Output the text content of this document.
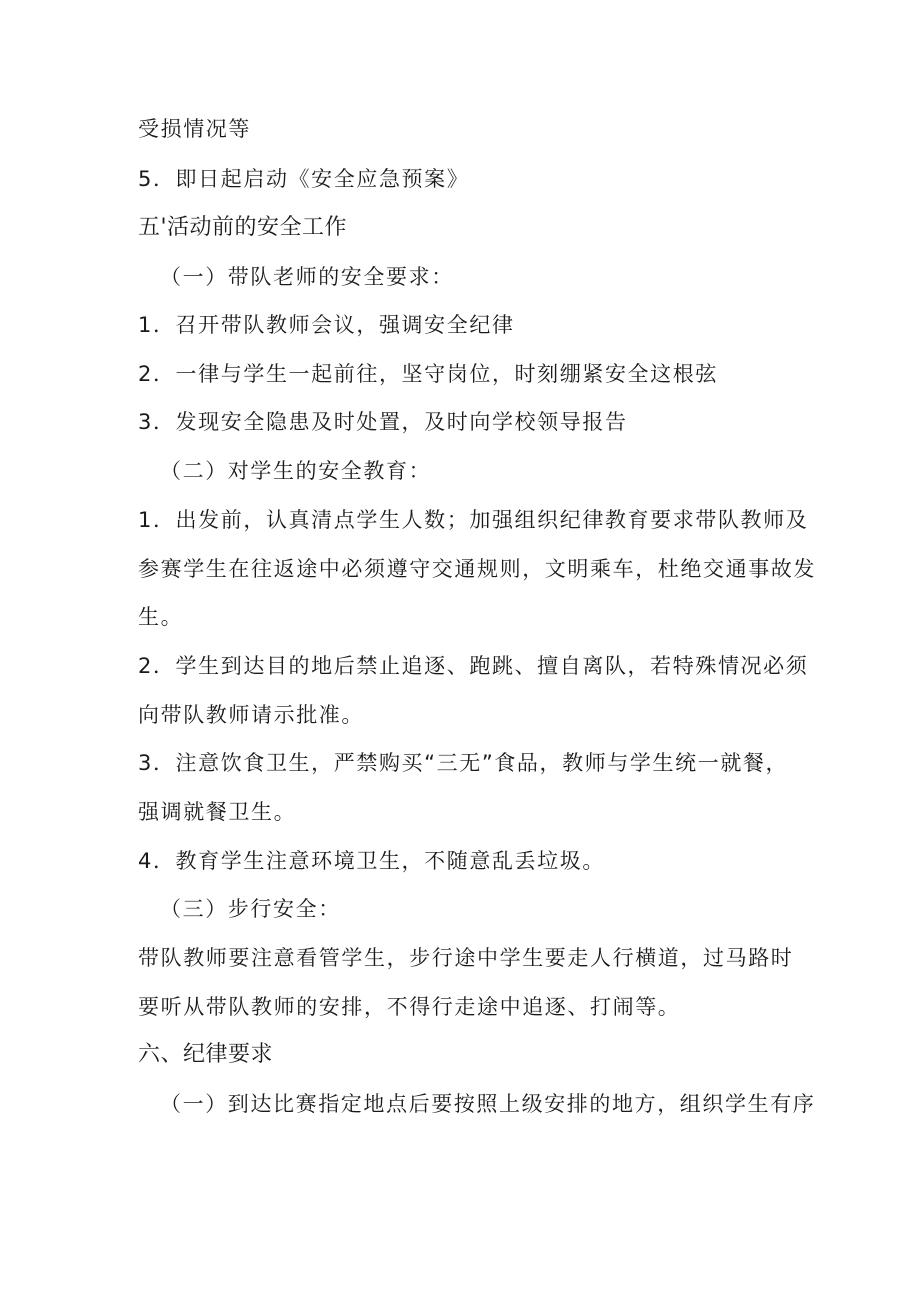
受损情况等
5．即日起启动《安全应急预案》
五'活动前的安全工作
（一）带队老师的安全要求：
1．召开带队教师会议，强调安全纪律
2．一律与学生一起前往，坚守岗位，时刻绷紧安全这根弦
3．发现安全隐患及时处置，及时向学校领导报告
（二）对学生的安全教育：
1．出发前，认真清点学生人数；加强组织纪律教育要求带队教师及
参赛学生在往返途中必须遵守交通规则，文明乘车，杜绝交通事故发
生。
2．学生到达目的地后禁止追逐、跑跳、擅自离队，若特殊情况必须
向带队教师请示批准。
3．注意饮食卫生，严禁购买“三无”食品，教师与学生统一就餐，
强调就餐卫生。
4．教育学生注意环境卫生，不随意乱丢垃圾。
（三）步行安全：
带队教师要注意看管学生，步行途中学生要走人行横道，过马路时
要听从带队教师的安排，不得行走途中追逐、打闹等。
六、纪律要求
（一）到达比赛指定地点后要按照上级安排的地方，组织学生有序
